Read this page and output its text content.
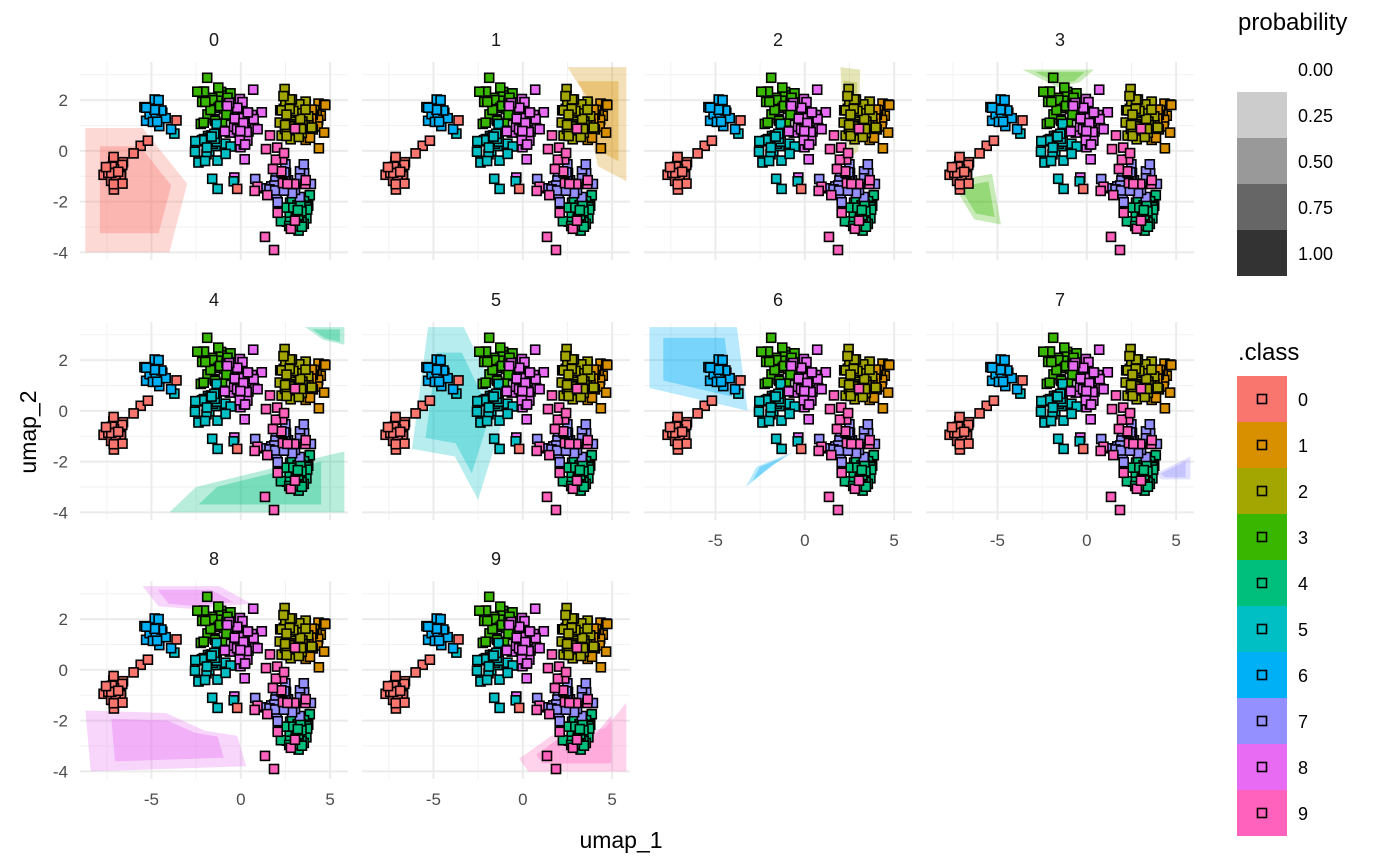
0
-4
-2
0
2
1	2	3
4
-4
-2
0
2
5	6
-5	0	5
7
-5	0	5
8
-4
-2
0
2
-5	0	5
9
-5	0	5
umap_1
umap_2
probability
0.00
0.25
0.50
0.75
1.00
.class
0
1
2
3
4
5
6
7
8
9
